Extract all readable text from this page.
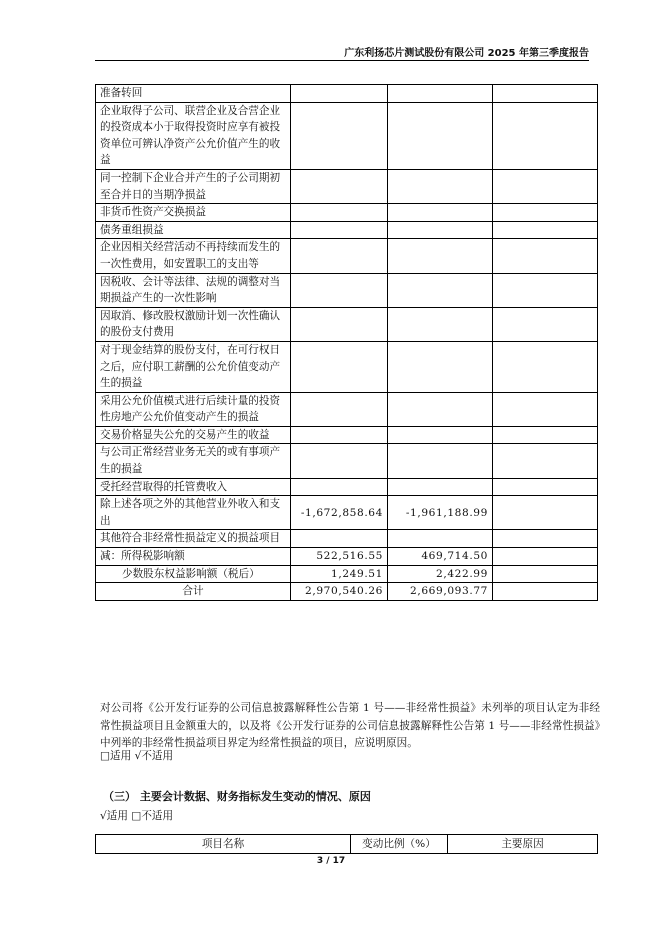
广东利扬芯片测试股份有限公司 2025 年第三季度报告
准备转回			
企业取得子公司、联营企业及合营企业的投资成本小于取得投资时应享有被投资单位可辨认净资产公允价值产生的收益			
同一控制下企业合并产生的子公司期初至合并日的当期净损益			
非货币性资产交换损益			
债务重组损益			
企业因相关经营活动不再持续而发生的一次性费用，如安置职工的支出等			
因税收、会计等法律、法规的调整对当期损益产生的一次性影响			
因取消、修改股权激励计划一次性确认的股份支付费用			
对于现金结算的股份支付，在可行权日之后，应付职工薪酬的公允价值变动产生的损益			
采用公允价值模式进行后续计量的投资性房地产公允价值变动产生的损益			
交易价格显失公允的交易产生的收益			
与公司正常经营业务无关的或有事项产生的损益			
受托经营取得的托管费收入			
除上述各项之外的其他营业外收入和支出	-1,672,858.64	-1,961,188.99	
其他符合非经常性损益定义的损益项目			
减：所得税影响额	522,516.55	469,714.50	
少数股东权益影响额（税后）	1,249.51	2,422.99	
合计	2,970,540.26	2,669,093.77	
对公司将《公开发行证券的公司信息披露解释性公告第 1 号——非经常性损益》未列举的项目认定为非经常性损益项目且金额重大的，以及将《公开发行证券的公司信息披露解释性公告第 1 号——非经常性损益》中列举的非经常性损益项目界定为经常性损益的项目，应说明原因。
□适用 √不适用
（三） 主要会计数据、财务指标发生变动的情况、原因
√适用 □不适用
项目名称	变动比例（%）	主要原因
3 / 17
